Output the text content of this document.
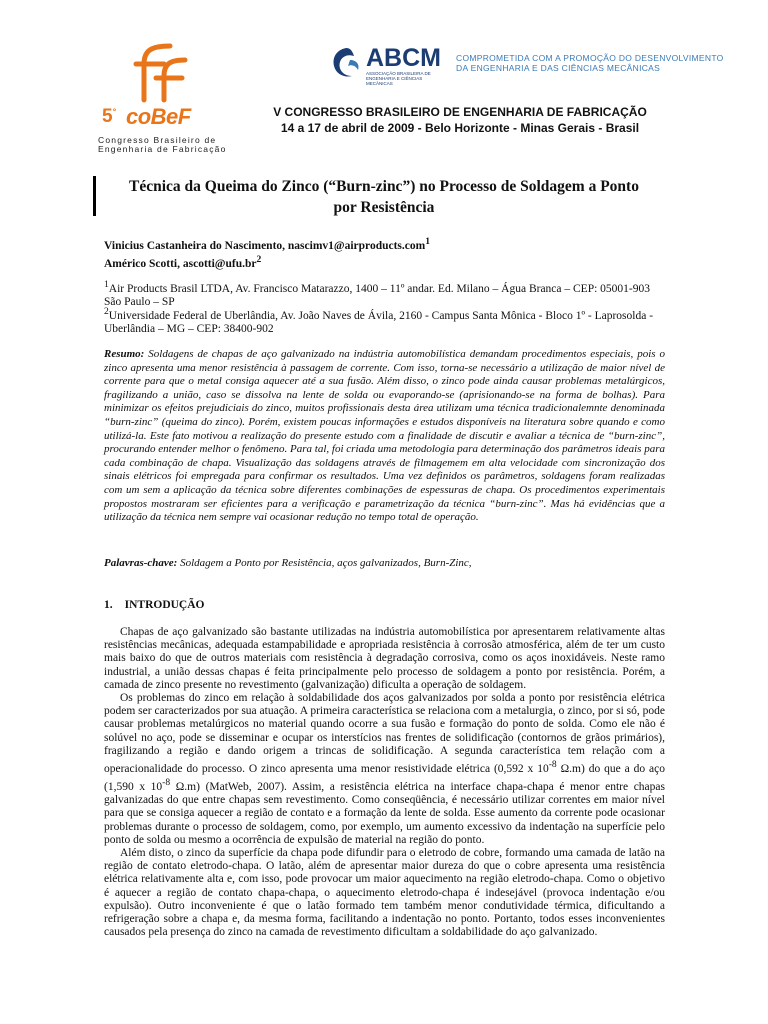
5° coBeF
Congresso Brasileiro de
Engenharia de Fabricação
ABCM
ASSOCIAÇÃO BRASILEIRA DE
ENGENHARIA E CIÊNCIAS MECÂNICAS
COMPROMETIDA COM A PROMOÇÃO DO DESENVOLVIMENTO
DA ENGENHARIA E DAS CIÊNCIAS MECÂNICAS
V CONGRESSO BRASILEIRO DE ENGENHARIA DE FABRICAÇÃO
14 a 17 de abril de 2009 - Belo Horizonte - Minas Gerais - Brasil
Técnica da Queima do Zinco (“Burn-zinc”) no Processo de Soldagem a Ponto
por Resistência
Vinicius Castanheira do Nascimento, nascimv1@airproducts.com$^1$
Américo Scotti, $ascotti@ufu.br^2$
$^1$Air Products Brasil LTDA, Av. Francisco Matarazzo, 1400 – 11º andar. Ed. Milano – Água Branca – CEP: 05001-903 São Paulo – SP
$^2$Universidade Federal de Uberlândia, Av. João Naves de Ávila, 2160 - Campus Santa Mônica - Bloco 1º - Laprosolda - Uberlândia – MG – CEP: 38400-902
Resumo: Soldagens de chapas de aço galvanizado na indústria automobilística demandam procedimentos especiais, pois o zinco apresenta uma menor resistência à passagem de corrente. Com isso, torna-se necessário a utilização de maior nível de corrente para que o metal consiga aquecer até a sua fusão. Além disso, o zinco pode ainda causar problemas metalúrgicos, fragilizando a união, caso se dissolva na lente de solda ou evaporando-se (aprisionando-se na forma de bolhas). Para minimizar os efeitos prejudiciais do zinco, muitos profissionais desta área utilizam uma técnica tradicionalemnte denominada “burn-zinc” (queima do zinco). Porém, existem poucas informações e estudos disponíveis na literatura sobre quando e como utilizá-la. Este fato motivou a realização do presente estudo com a finalidade de discutir e avaliar a técnica de “burn-zinc”, procurando entender melhor o fenômeno. Para tal, foi criada uma metodologia para determinação dos parâmetros ideais para cada combinação de chapa. Visualização das soldagens através de filmagemem em alta velocidade com sincronização dos sinais elétricos foi empregada para confirmar os resultados. Uma vez definidos os parâmetros, soldagens foram realizadas com um sem a aplicação da técnica sobre diferentes combinações de espessuras de chapa. Os procedimentos experimentais propostos mostraram ser eficientes para a verificação e parametrização da técnica “burn-zinc”. Mas há evidências que a utilização da técnica nem sempre vai ocasionar redução no tempo total de operação.
Palavras-chave: Soldagem a Ponto por Resistência, aços galvanizados, Burn-Zinc,
1. INTRODUÇÃO

Chapas de aço galvanizado são bastante utilizadas na indústria automobilística por apresentarem relativamente altas resistências mecânicas, adequada estampabilidade e apropriada resistência à corrosão atmosférica, além de ter um custo mais baixo do que de outros materiais com resistência à degradação corrosiva, como os aços inoxidáveis. Neste ramo industrial, a união dessas chapas é feita principalmente pelo processo de soldagem a ponto por resistência. Porém, a camada de zinco presente no revestimento (galvanização) dificulta a operação de soldagem.

Os problemas do zinco em relação à soldabilidade dos aços galvanizados por solda a ponto por resistência elétrica podem ser caracterizados por sua atuação. A primeira característica se relaciona com a metalurgia, o zinco, por si só, pode causar problemas metalúrgicos no material quando ocorre a sua fusão e formação do ponto de solda. Como ele não é solúvel no aço, pode se disseminar e ocupar os interstícios nas frentes de solidificação (contornos de grãos primários), fragilizando a região e dando origem a trincas de solidificação. A segunda característica tem relação com a operacionalidade do processo. O zinco apresenta uma menor resistividade elétrica (0,592 x $10^{-8}$ Ω.m) do que a do aço (1,590 x $10^{-8}$ Ω.m) (MatWeb, 2007). Assim, a resistência elétrica na interface chapa-chapa é menor entre chapas galvanizadas do que entre chapas sem revestimento. Como conseqüência, é necessário utilizar correntes em maior nível para que se consiga aquecer a região de contato e a formação da lente de solda. Esse aumento da corrente pode ocasionar problemas durante o processo de soldagem, como, por exemplo, um aumento excessivo da indentação na superfície pelo ponto de solda ou mesmo a ocorrência de expulsão de material na região do ponto.

Além disto, o zinco da superfície da chapa pode difundir para o eletrodo de cobre, formando uma camada de latão na região de contato eletrodo-chapa. O latão, além de apresentar maior dureza do que o cobre apresenta uma resistência elétrica relativamente alta e, com isso, pode provocar um maior aquecimento na região eletrodo-chapa. Como o objetivo é aquecer a região de contato chapa-chapa, o aquecimento eletrodo-chapa é indesejável (provoca indentação e/ou expulsão). Outro inconveniente é que o latão formado tem também menor condutividade térmica, dificultando a refrigeração sobre a chapa e, da mesma forma, facilitando a indentação no ponto. Portanto, todos esses inconvenientes causados pela presença do zinco na camada de revestimento dificultam a soldabilidade do aço galvanizado.
